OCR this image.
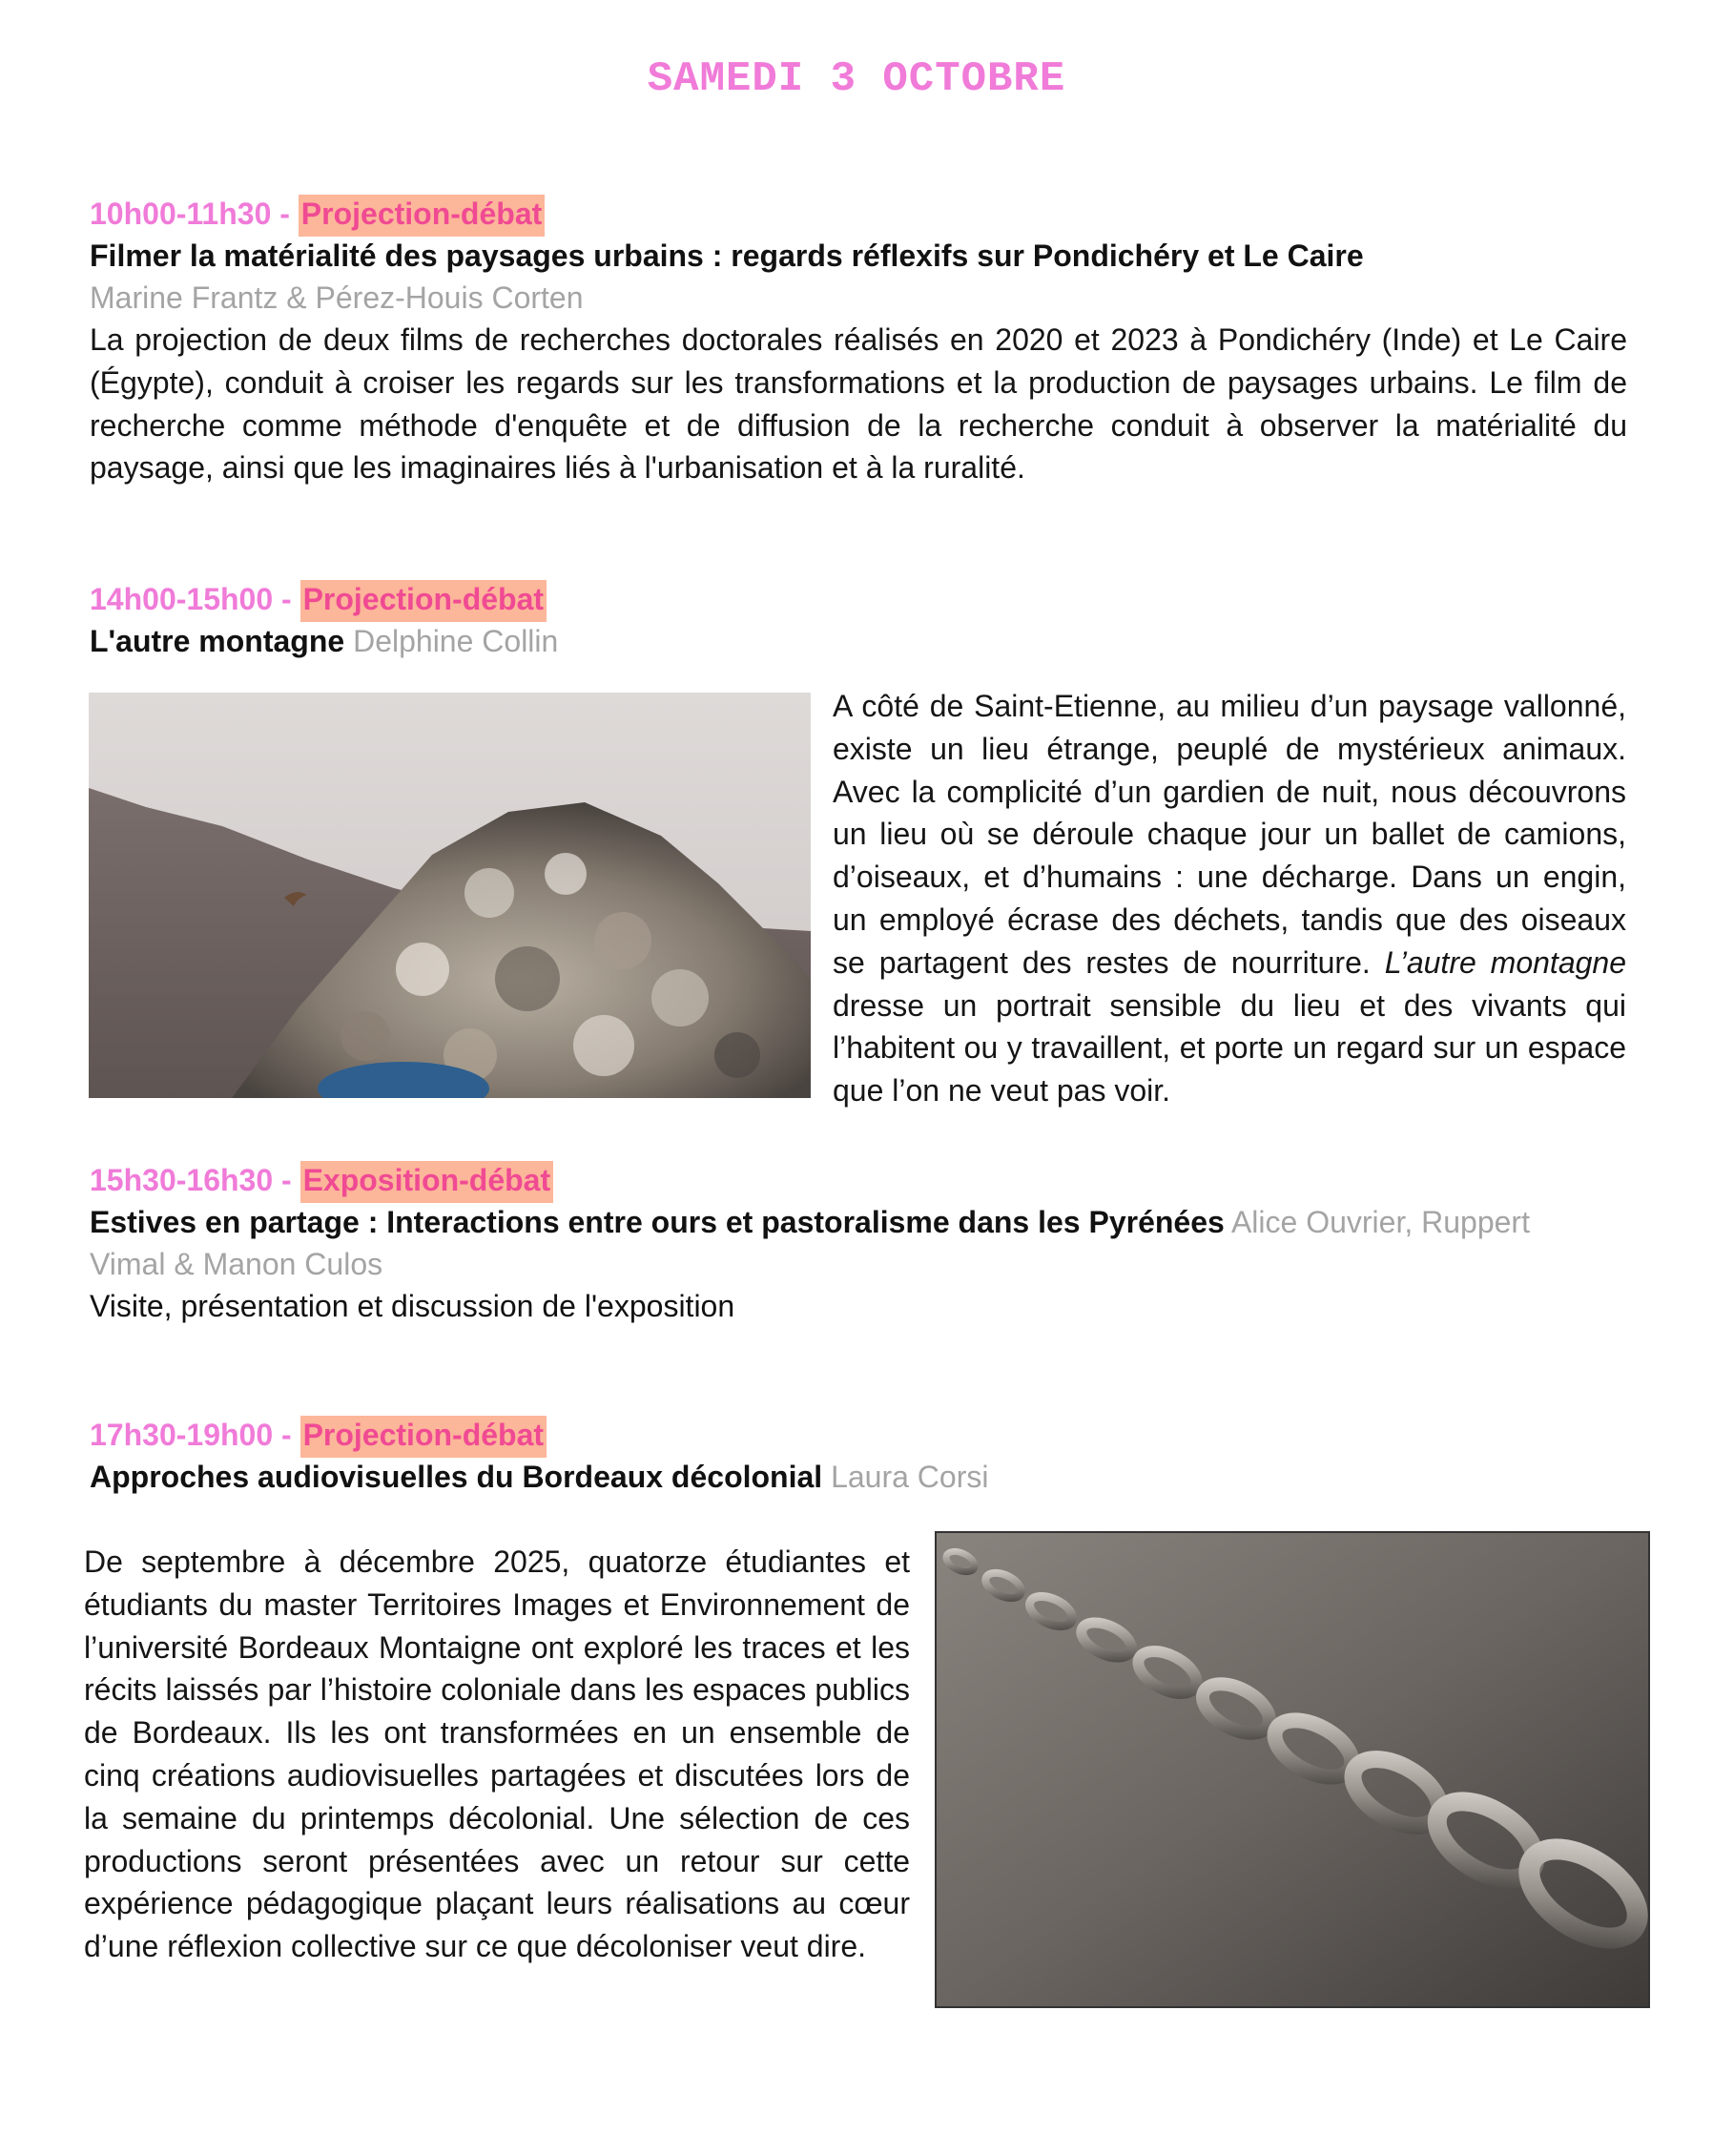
SAMEDI 3 OCTOBRE
10h00-11h30 - Projection-débat
Filmer la matérialité des paysages urbains : regards réflexifs sur Pondichéry et Le Caire
Marine Frantz & Pérez-Houis Corten
La projection de deux films de recherches doctorales réalisés en 2020 et 2023 à Pondichéry (Inde) et Le Caire (Égypte), conduit à croiser les regards sur les transformations et la production de paysages urbains. Le film de recherche comme méthode d'enquête et de diffusion de la recherche conduit à observer la matérialité du paysage, ainsi que les imaginaires liés à l'urbanisation et à la ruralité.
14h00-15h00 - Projection-débat
L'autre montagne Delphine Collin
A côté de Saint-Etienne, au milieu d’un paysage vallonné, existe un lieu étrange, peuplé de mystérieux animaux. Avec la complicité d’un gardien de nuit, nous découvrons un lieu où se déroule chaque jour un ballet de camions, d’oiseaux, et d’humains : une décharge. Dans un engin, un employé écrase des déchets, tandis que des oiseaux se partagent des restes de nourriture. L’autre montagne dresse un portrait sensible du lieu et des vivants qui l’habitent ou y travaillent, et porte un regard sur un espace que l’on ne veut pas voir.
15h30-16h30 - Exposition-débat
Estives en partage : Interactions entre ours et pastoralisme dans les Pyrénées Alice Ouvrier, Ruppert
Vimal & Manon Culos
Visite, présentation et discussion de l'exposition
17h30-19h00 - Projection-débat
Approches audiovisuelles du Bordeaux décolonial Laura Corsi
De septembre à décembre 2025, quatorze étudiantes et étudiants du master Territoires Images et Environnement de l’université Bordeaux Montaigne ont exploré les traces et les récits laissés par l’histoire coloniale dans les espaces publics de Bordeaux. Ils les ont transformées en un ensemble de cinq créations audiovisuelles partagées et discutées lors de la semaine du printemps décolonial. Une sélection de ces productions seront présentées avec un retour sur cette expérience pédagogique plaçant leurs réalisations au cœur d’une réflexion collective sur ce que décoloniser veut dire.
